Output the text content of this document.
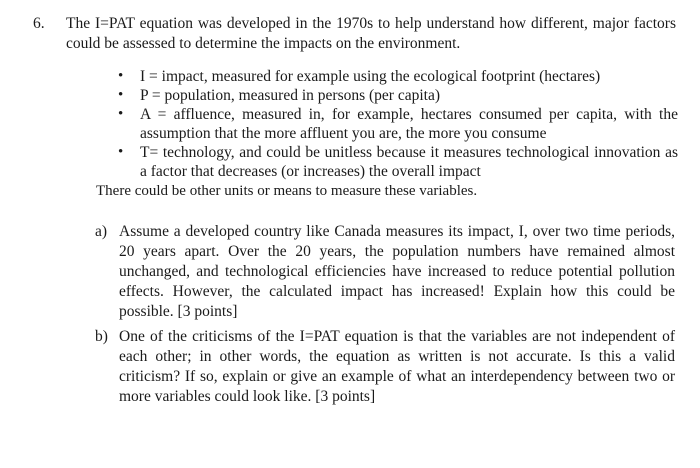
6. The I=PAT equation was developed in the 1970s to help understand how different, major factors could be assessed to determine the impacts on the environment.
• I = impact, measured for example using the ecological footprint (hectares)
• P = population, measured in persons (per capita)
• A = affluence, measured in, for example, hectares consumed per capita, with the assumption that the more affluent you are, the more you consume
• T= technology, and could be unitless because it measures technological innovation as a factor that decreases (or increases) the overall impact
There could be other units or means to measure these variables.
a) Assume a developed country like Canada measures its impact, I, over two time periods, 20 years apart. Over the 20 years, the population numbers have remained almost unchanged, and technological efficiencies have increased to reduce potential pollution effects. However, the calculated impact has increased! Explain how this could be possible. [3 points]
b) One of the criticisms of the I=PAT equation is that the variables are not independent of each other; in other words, the equation as written is not accurate. Is this a valid criticism? If so, explain or give an example of what an interdependency between two or more variables could look like. [3 points]
